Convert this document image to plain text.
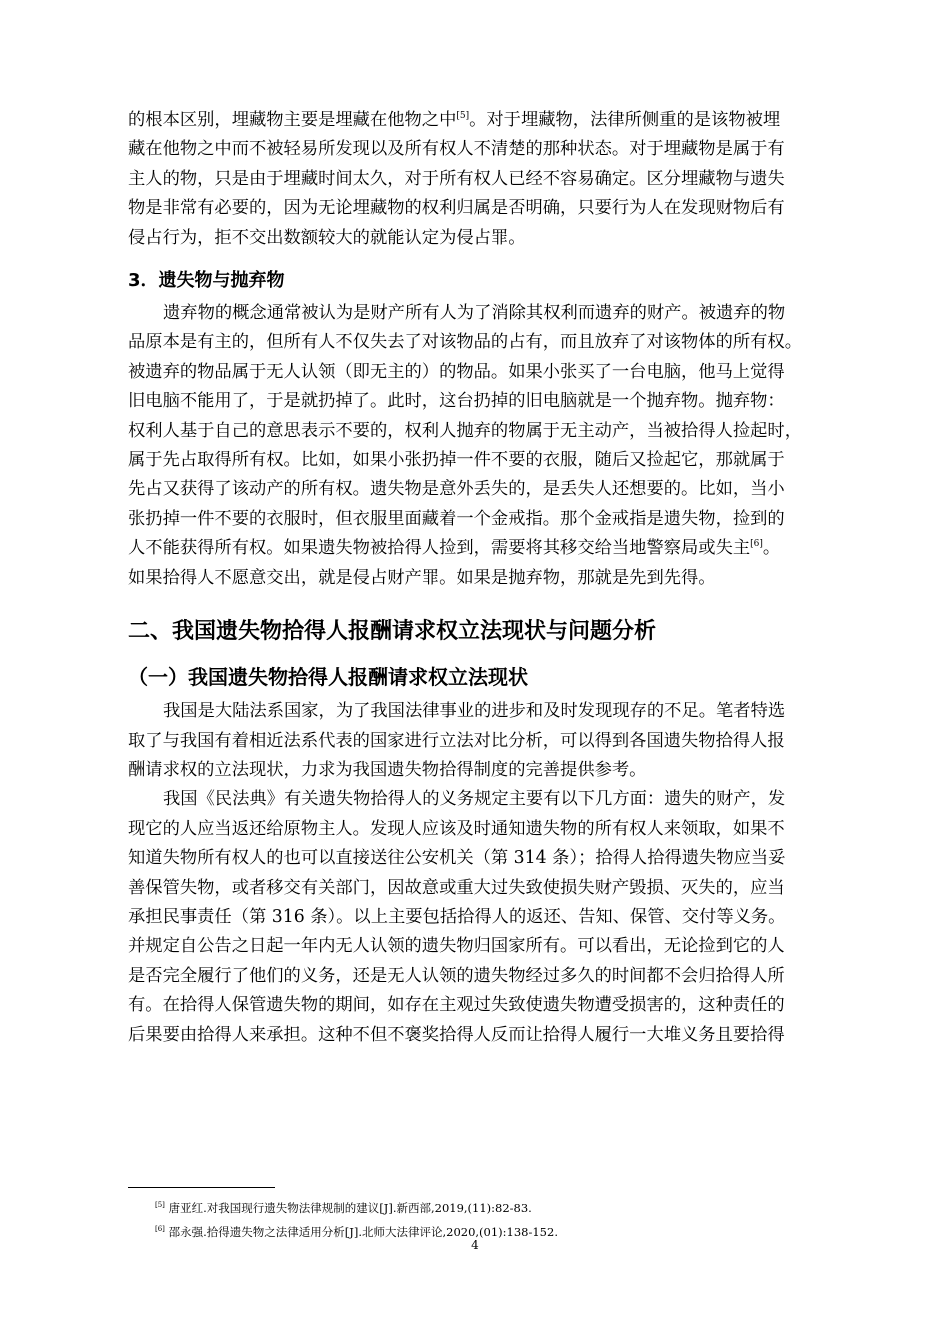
的根本区别，埋藏物主要是埋藏在他物之中[5]。对于埋藏物，法律所侧重的是该物被埋
藏在他物之中而不被轻易所发现以及所有权人不清楚的那种状态。对于埋藏物是属于有
主人的物，只是由于埋藏时间太久，对于所有权人已经不容易确定。区分埋藏物与遗失
物是非常有必要的，因为无论埋藏物的权利归属是否明确，只要行为人在发现财物后有
侵占行为，拒不交出数额较大的就能认定为侵占罪。

3．遗失物与抛弃物

遗弃物的概念通常被认为是财产所有人为了消除其权利而遗弃的财产。被遗弃的物
品原本是有主的，但所有人不仅失去了对该物品的占有，而且放弃了对该物体的所有权。
被遗弃的物品属于无人认领（即无主的）的物品。如果小张买了一台电脑，他马上觉得
旧电脑不能用了，于是就扔掉了。此时，这台扔掉的旧电脑就是一个抛弃物。抛弃物：
权利人基于自己的意思表示不要的，权利人抛弃的物属于无主动产，当被拾得人捡起时，
属于先占取得所有权。比如，如果小张扔掉一件不要的衣服，随后又捡起它，那就属于
先占又获得了该动产的所有权。遗失物是意外丢失的，是丢失人还想要的。比如，当小
张扔掉一件不要的衣服时，但衣服里面藏着一个金戒指。那个金戒指是遗失物，捡到的
人不能获得所有权。如果遗失物被拾得人捡到，需要将其移交给当地警察局或失主[6]。
如果拾得人不愿意交出，就是侵占财产罪。如果是抛弃物，那就是先到先得。

二、我国遗失物拾得人报酬请求权立法现状与问题分析
（一）我国遗失物拾得人报酬请求权立法现状

我国是大陆法系国家，为了我国法律事业的进步和及时发现现存的不足。笔者特选
取了与我国有着相近法系代表的国家进行立法对比分析，可以得到各国遗失物拾得人报
酬请求权的立法现状，力求为我国遗失物拾得制度的完善提供参考。

我国《民法典》有关遗失物拾得人的义务规定主要有以下几方面：遗失的财产，发
现它的人应当返还给原物主人。发现人应该及时通知遗失物的所有权人来领取，如果不
知道失物所有权人的也可以直接送往公安机关（第 314 条）；拾得人拾得遗失物应当妥
善保管失物，或者移交有关部门，因故意或重大过失致使损失财产毁损、灭失的，应当
承担民事责任（第 316 条）。以上主要包括拾得人的返还、告知、保管、交付等义务。
并规定自公告之日起一年内无人认领的遗失物归国家所有。可以看出，无论捡到它的人
是否完全履行了他们的义务，还是无人认领的遗失物经过多久的时间都不会归拾得人所
有。在拾得人保管遗失物的期间，如存在主观过失致使遗失物遭受损害的，这种责任的
后果要由拾得人来承担。这种不但不褒奖拾得人反而让拾得人履行一大堆义务且要拾得

[5] 唐亚红.对我国现行遗失物法律规制的建议[J].新西部,2019,(11):82-83.
[6] 邵永强.拾得遗失物之法律适用分析[J].北师大法律评论,2020,(01):138-152.
4
